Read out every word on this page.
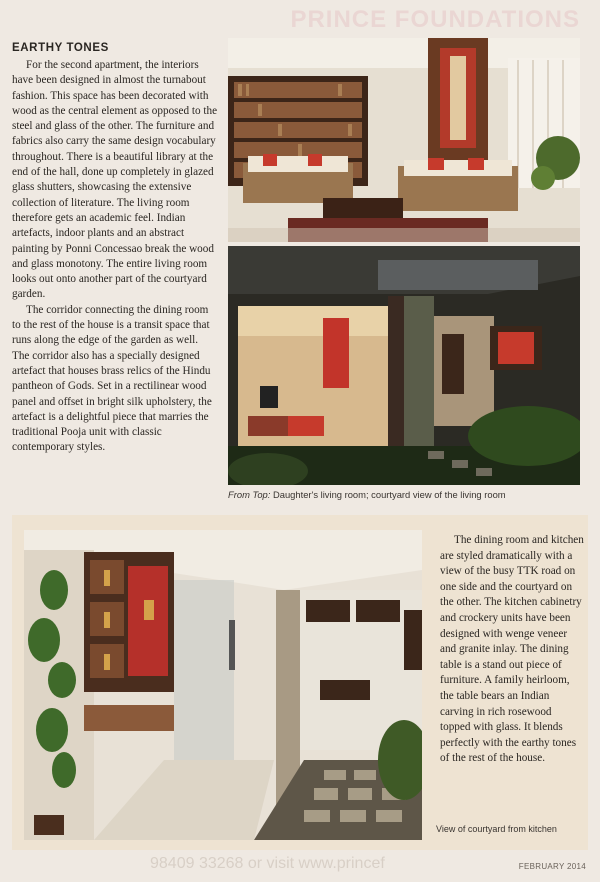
PRINCE FOUNDATIONS
EARTHY TONES

For the second apartment, the interiors have been designed in almost the turnabout fashion. This space has been decorated with wood as the central element as opposed to the steel and glass of the other. The furniture and fabrics also carry the same design vocabulary throughout. There is a beautiful library at the end of the hall, done up completely in glazed glass shutters, showcasing the extensive collection of literature. The living room therefore gets an academic feel. Indian artefacts, indoor plants and an abstract painting by Ponni Concessao break the wood and glass monotony. The entire living room looks out onto another part of the courtyard garden.

The corridor connecting the dining room to the rest of the house is a transit space that runs along the edge of the garden as well. The corridor also has a specially designed artefact that houses brass relics of the Hindu pantheon of Gods. Set in a rectilinear wood panel and offset in bright silk upholstery, the artefact is a delightful piece that marries the traditional Pooja unit with classic contemporary styles.

From Top: Daughter's living room; courtyard view of the living room

The dining room and kitchen are styled dramatically with a view of the busy TTK road on one side and the courtyard on the other. The kitchen cabinetry and crockery units have been designed with wenge veneer and granite inlay. The dining table is a stand out piece of furniture. A family heirloom, the table bears an Indian carving in rich rosewood topped with glass. It blends perfectly with the earthy tones of the rest of the house.

View of courtyard from kitchen
98409 33268 or visit www.princef	FEBRUARY 2014
